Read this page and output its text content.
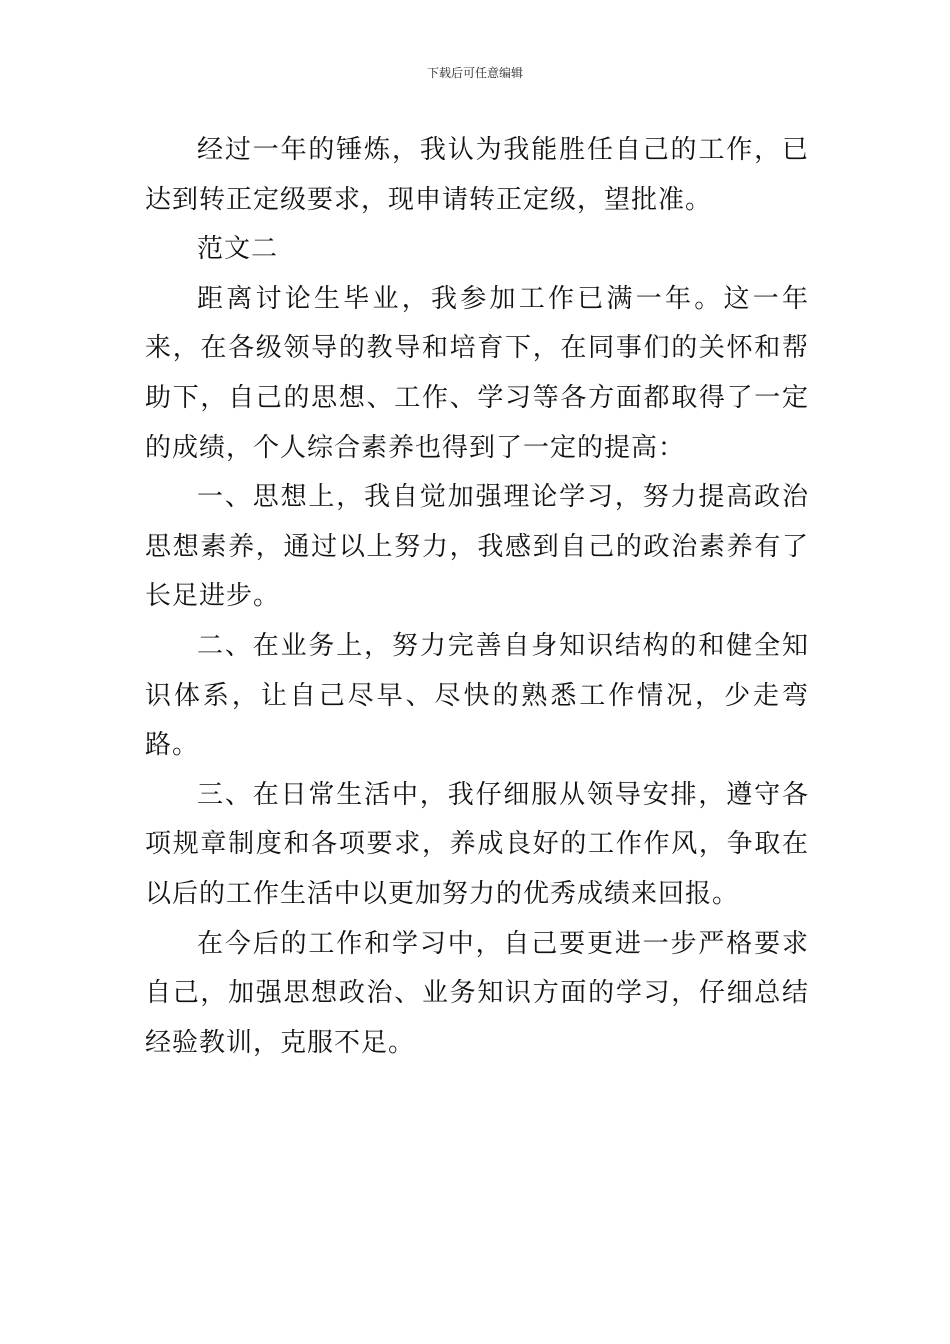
下载后可任意编辑

经过一年的锤炼，我认为我能胜任自己的工作，已达到转正定级要求，现申请转正定级，望批准。

范文二

距离讨论生毕业，我参加工作已满一年。这一年来，在各级领导的教导和培育下，在同事们的关怀和帮助下，自己的思想、工作、学习等各方面都取得了一定的成绩，个人综合素养也得到了一定的提高：

一、思想上，我自觉加强理论学习，努力提高政治思想素养，通过以上努力，我感到自己的政治素养有了长足进步。

二、在业务上，努力完善自身知识结构的和健全知识体系，让自己尽早、尽快的熟悉工作情况，少走弯路。

三、在日常生活中，我仔细服从领导安排，遵守各项规章制度和各项要求，养成良好的工作作风，争取在以后的工作生活中以更加努力的优秀成绩来回报。

在今后的工作和学习中，自己要更进一步严格要求自己，加强思想政治、业务知识方面的学习，仔细总结经验教训，克服不足。
